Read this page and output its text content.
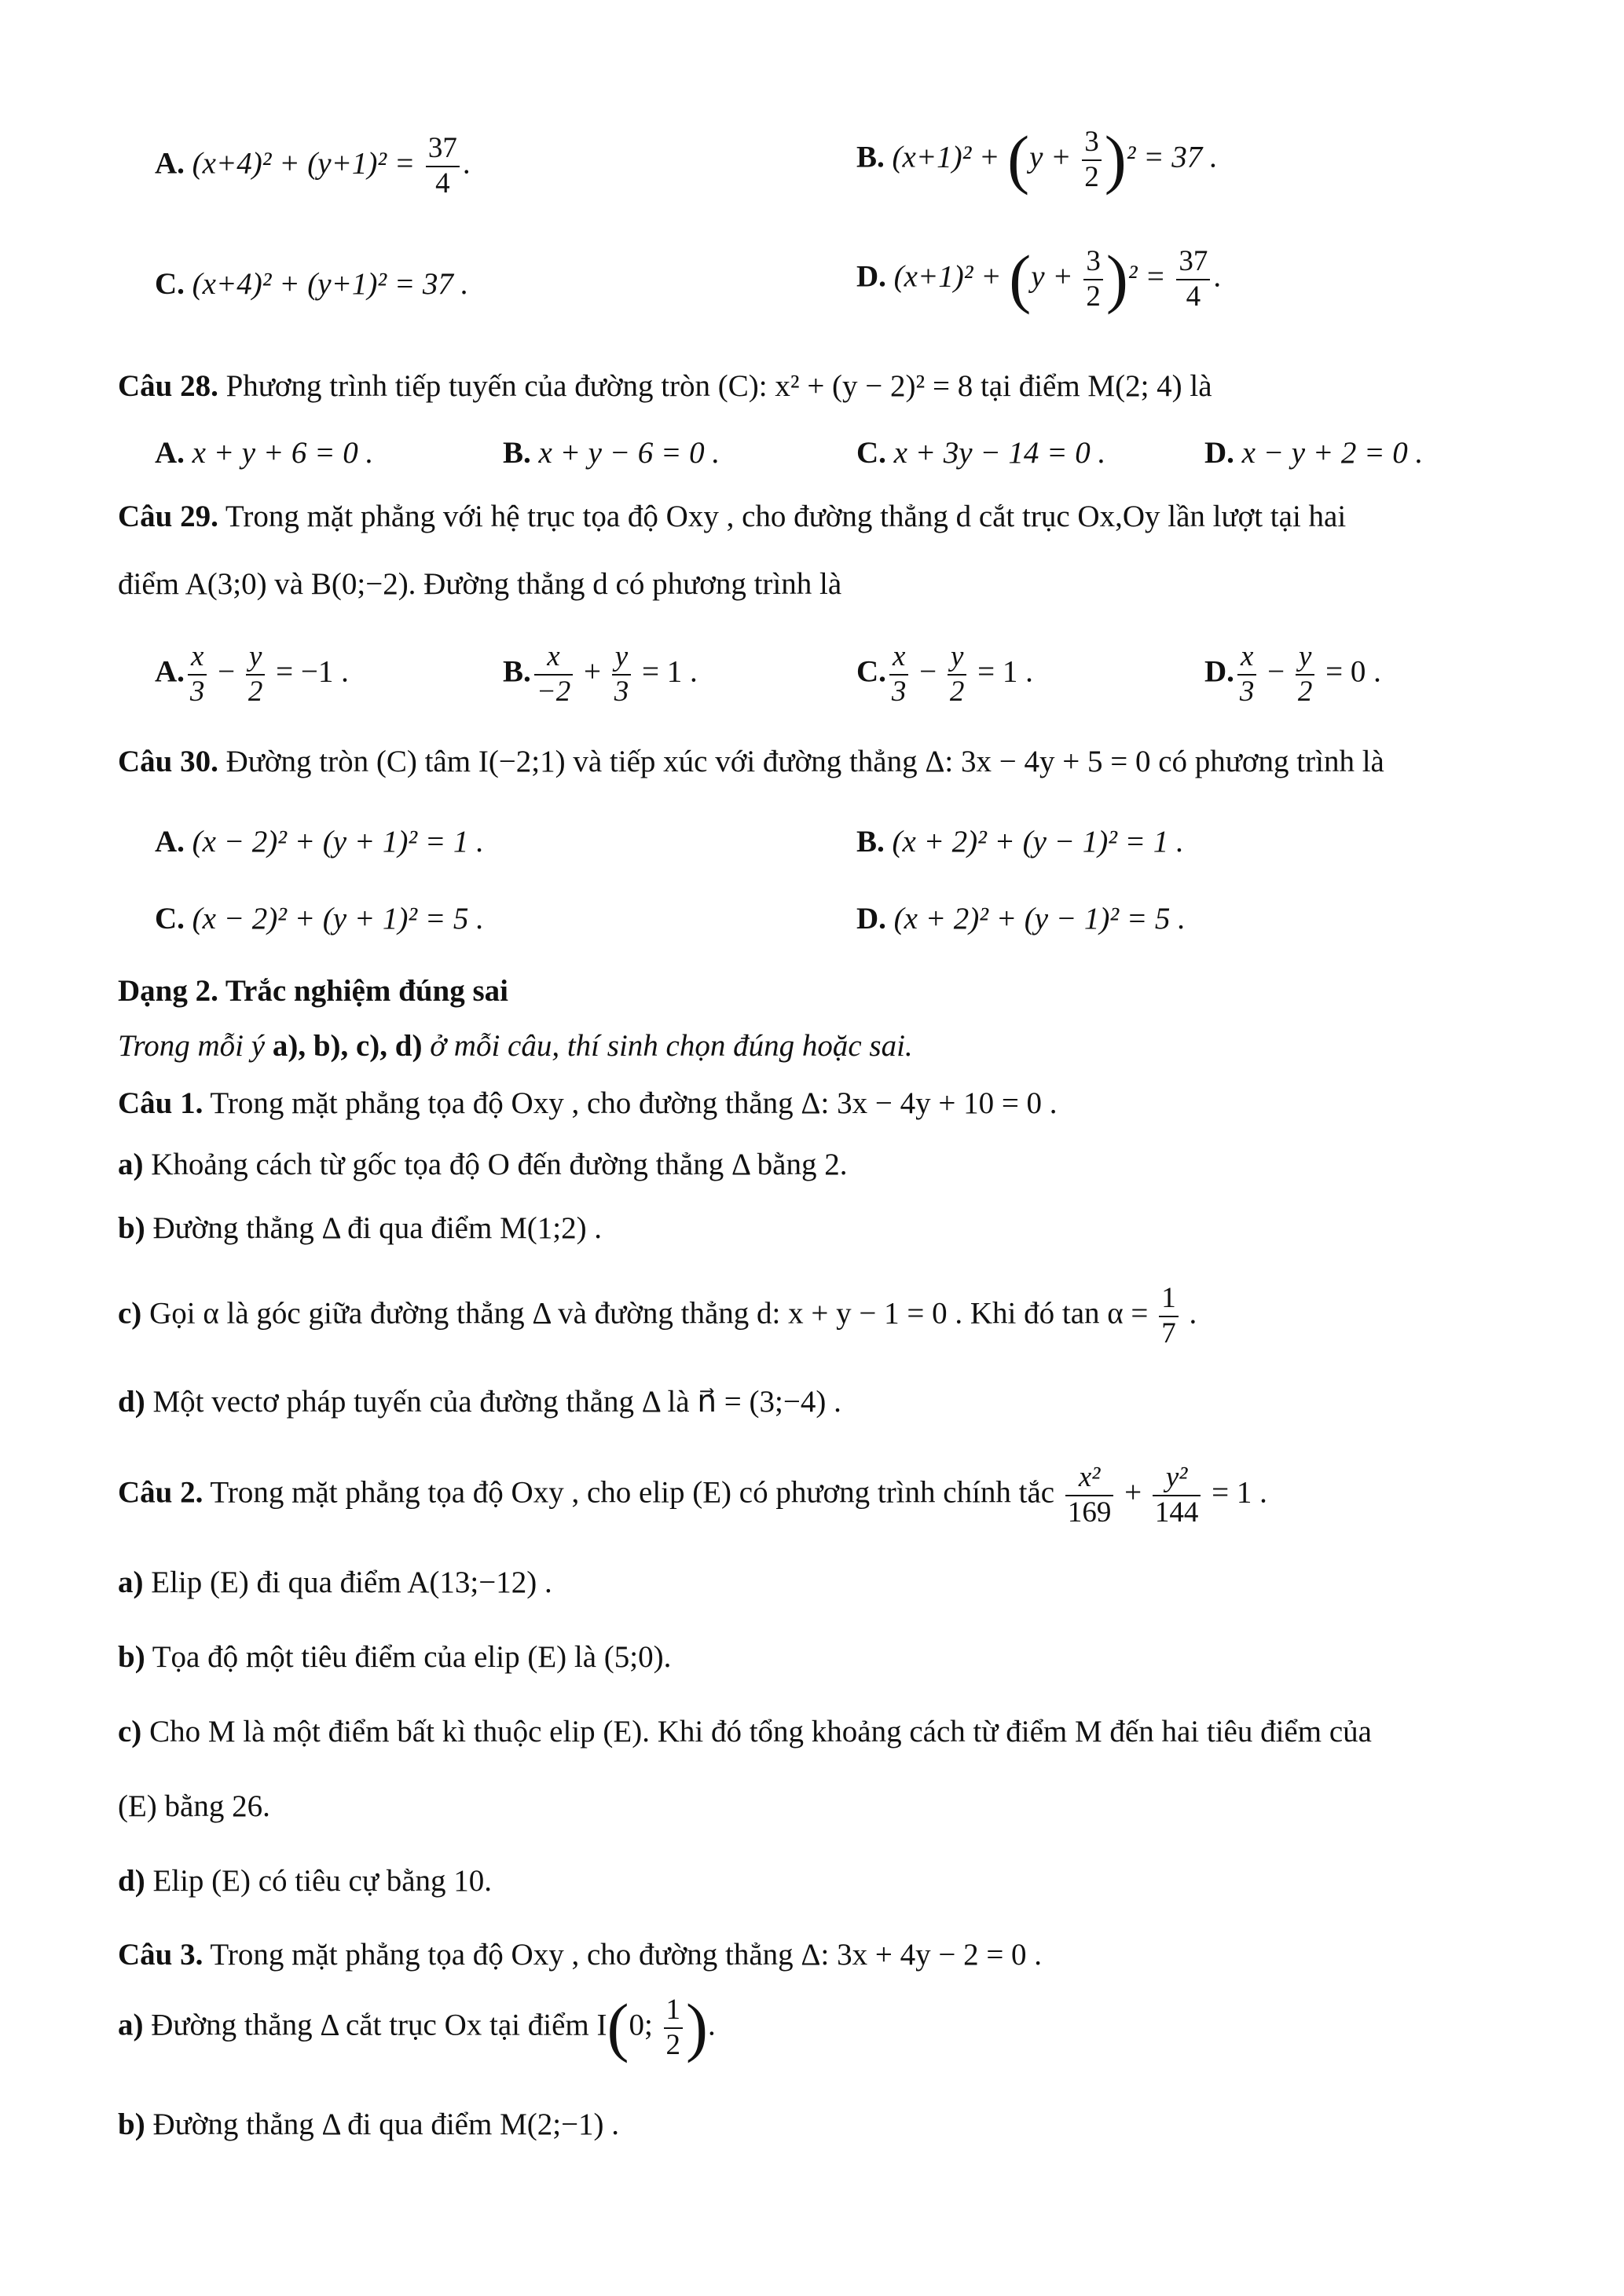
A. $(x+4)^2 + (y+1)^2 = \frac{37}{4}$ .	B. $(x+1)^2 + (y + \frac{3}{2} )^2 = 37$ .
C. (x+4)² + (y+1)² = 37 .	D. $(x+1)^2 + (y + \frac{3}{2} )^2 = \frac{37}{4}$ .
Câu 28. Phương trình tiếp tuyến của đường tròn (C): x² + (y − 2)² = 8 tại điểm M(2; 4) là
A. x + y + 6 = 0 .	B. x + y − 6 = 0 .	C. x + 3y − 14 = 0 .	D. x − y + 2 = 0 .
Câu 29. Trong mặt phẳng với hệ trục tọa độ Oxy , cho đường thẳng d cắt trục Ox,Oy lần lượt tại hai
điểm A(3;0) và B(0;−2). Đường thẳng d có phương trình là
A. $\frac{x}{3} - \frac{y}{2} = -1$ .	B. $\frac{x}{-2} + \frac{y}{3} = 1$ .	C. $\frac{x}{3} - \frac{y}{2} = 1$ .	D. $\frac{x}{3} - \frac{y}{2} = 0$ .
Câu 30. Đường tròn (C) tâm I(−2;1) và tiếp xúc với đường thẳng Δ: 3x − 4y + 5 = 0 có phương trình là
A. (x − 2)² + (y + 1)² = 1 .	B. (x + 2)² + (y − 1)² = 1 .
C. (x − 2)² + (y + 1)² = 5 .	D. (x + 2)² + (y − 1)² = 5 .
Dạng 2. Trắc nghiệm đúng sai
Trong mỗi ý a), b), c), d) ở mỗi câu, thí sinh chọn đúng hoặc sai.
Câu 1. Trong mặt phẳng tọa độ Oxy , cho đường thẳng Δ: 3x − 4y + 10 = 0 .
a) Khoảng cách từ gốc tọa độ O đến đường thẳng Δ bằng 2.
b) Đường thẳng Δ đi qua điểm M(1;2) .
c) Gọi α là góc giữa đường thẳng Δ và đường thẳng d: x + y − 1 = 0 . Khi đó $\tan \alpha = \frac{1}{7}$ .
d) Một vectơ pháp tuyến của đường thẳng Δ là n⃗ = (3;−4) .
Câu 2. Trong mặt phẳng tọa độ Oxy , cho elip (E) có phương trình chính tắc $\frac{\text{x²}}{169} + \frac{\text{y²}}{144} = 1$ .
a) Elip (E) đi qua điểm A(13;−12) .
b) Tọa độ một tiêu điểm của elip (E) là (5;0).
c) Cho M là một điểm bất kì thuộc elip (E). Khi đó tổng khoảng cách từ điểm M đến hai tiêu điểm của
(E) bằng 26.
d) Elip (E) có tiêu cự bằng 10.
Câu 3. Trong mặt phẳng tọa độ Oxy , cho đường thẳng Δ: 3x + 4y − 2 = 0 .
a) Đường thẳng Δ cắt trục Ox tại điểm I(0; $\frac{1}{2}$ ).
b) Đường thẳng Δ đi qua điểm M(2;−1) .
